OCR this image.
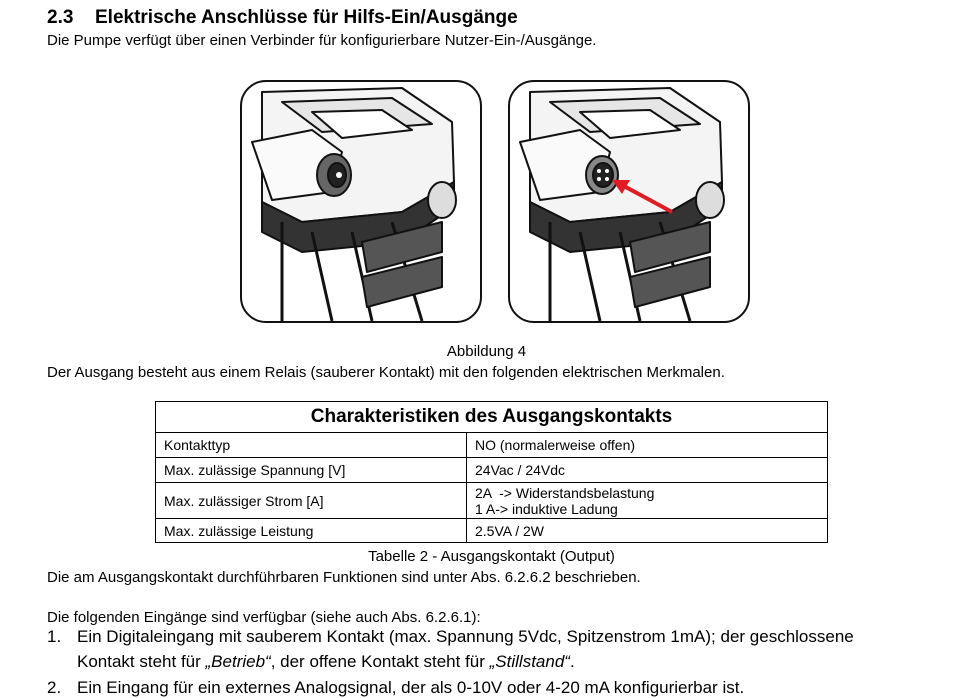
2.3 Elektrische Anschlüsse für Hilfs-Ein/Ausgänge
Die Pumpe verfügt über einen Verbinder für konfigurierbare Nutzer-Ein-/Ausgänge.
Abbildung 4
Der Ausgang besteht aus einem Relais (sauberer Kontakt) mit den folgenden elektrischen Merkmalen.
Charakteristiken des Ausgangskontakts	
Kontakttyp	NO (normalerweise offen)
Max. zulässige Spannung [V]	24Vac / 24Vdc
Max. zulässiger Strom [A]	2A  -> Widerstandsbelastung
1 A-> induktive Ladung

Max. zulässige Leistung	2.5VA / 2W
Tabelle 2 - Ausgangskontakt (Output)
Die am Ausgangskontakt durchführbaren Funktionen sind unter Abs. 6.2.6.2 beschrieben.
Die folgenden Eingänge sind verfügbar (siehe auch Abs. 6.2.6.1):
1. Ein Digitaleingang mit sauberem Kontakt (max. Spannung 5Vdc, Spitzenstrom 1mA); der geschlossene
Kontakt steht für „Betrieb“, der offene Kontakt steht für „Stillstand“.
2. Ein Eingang für ein externes Analogsignal, der als 0-10V oder 4-20 mA konfigurierbar ist.
